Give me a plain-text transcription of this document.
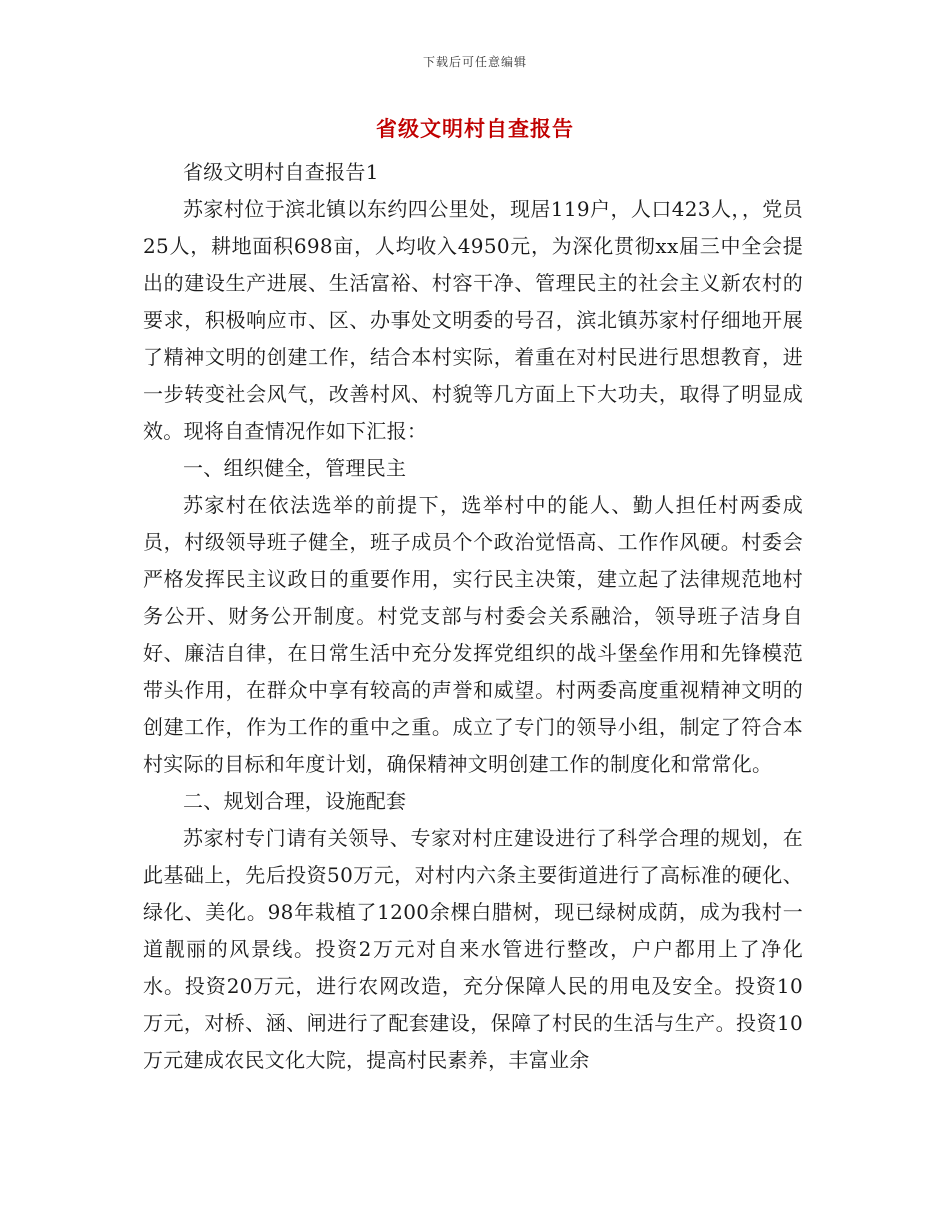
下载后可任意编辑
省级文明村自查报告

省级文明村自查报告1

苏家村位于滨北镇以东约四公里处，现居119户，人口423人，，党员25人，耕地面积698亩，人均收入4950元，为深化贯彻xx届三中全会提出的建设生产进展、生活富裕、村容干净、管理民主的社会主义新农村的要求，积极响应市、区、办事处文明委的号召，滨北镇苏家村仔细地开展了精神文明的创建工作，结合本村实际，着重在对村民进行思想教育，进一步转变社会风气，改善村风、村貌等几方面上下大功夫，取得了明显成效。现将自查情况作如下汇报：

一、组织健全，管理民主

苏家村在依法选举的前提下，选举村中的能人、勤人担任村两委成员，村级领导班子健全，班子成员个个政治觉悟高、工作作风硬。村委会严格发挥民主议政日的重要作用，实行民主决策，建立起了法律规范地村务公开、财务公开制度。村党支部与村委会关系融洽，领导班子洁身自好、廉洁自律，在日常生活中充分发挥党组织的战斗堡垒作用和先锋模范带头作用，在群众中享有较高的声誉和威望。村两委高度重视精神文明的创建工作，作为工作的重中之重。成立了专门的领导小组，制定了符合本村实际的目标和年度计划，确保精神文明创建工作的制度化和常常化。

二、规划合理，设施配套

苏家村专门请有关领导、专家对村庄建设进行了科学合理的规划，在此基础上，先后投资50万元，对村内六条主要街道进行了高标准的硬化、绿化、美化。98年栽植了1200余棵白腊树，现已绿树成荫，成为我村一道靓丽的风景线。投资2万元对自来水管进行整改，户户都用上了净化水。投资20万元，进行农网改造，充分保障人民的用电及安全。投资10万元，对桥、涵、闸进行了配套建设，保障了村民的生活与生产。投资10万元建成农民文化大院，提高村民素养，丰富业余
